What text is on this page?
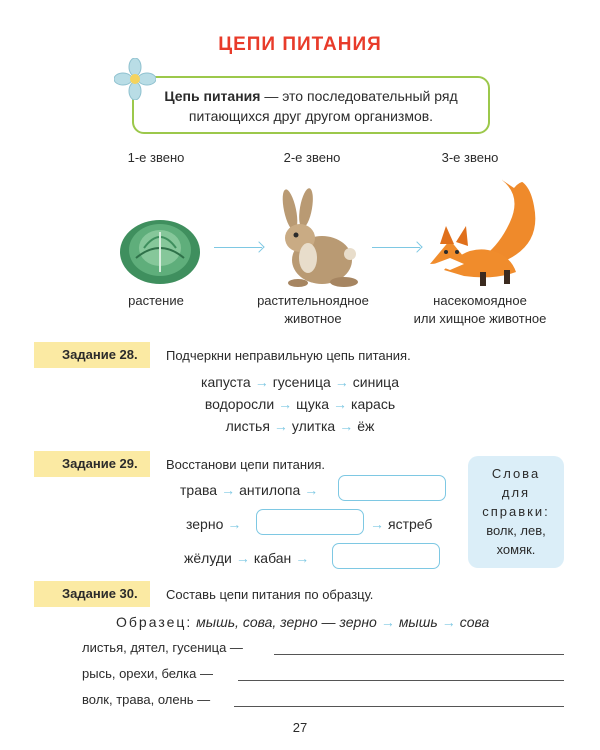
ЦЕПИ ПИТАНИЯ
Цепь питания — это последовательный ряд
питающихся друг другом организмов.
1-е звено	2-е звено	3-е звено
растение	растительноядное
животное
насекомоядное
или хищное животное
Задание 28.	Подчеркни неправильную цепь питания.
капуста → гусеница → синица
водоросли → щука → карась
листья → улитка → ёж
Задание 29.	Восстанови цепи питания.
трава → антилопа →
зерно →	→ ястреб
жёлуди → кабан →
Слова
для
справки:
волк, лев,
хомяк.
Задание 30.	Составь цепи питания по образцу.
Образец: мышь, сова, зерно — зерно → мышь → сова
листья, дятел, гусеница —
рысь, орехи, белка —
волк, трава, олень —
27
